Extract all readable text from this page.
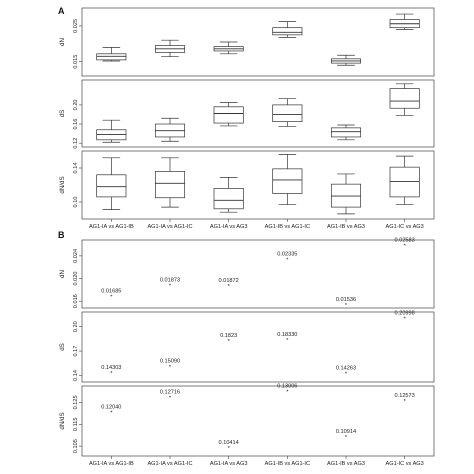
A
B
0.015
0.025
dN
0.12
0.16
0.20
dS
0.10
0.14
dN/dS
AG1-IA vs AG1-IB AG1-IA vs AG1-IC	AG1-IA vs AG3	AG1-IB vs AG1-IC	AG1-IB vs AG3	AG1-IC vs AG3
0.016
0.020
0.024
dN
*
0.01685
*
0.01873
*
0.01872
*
0.02335
*
0.01536
*
0.02583
0.14
0.17
0.20
dS
*
0.14303	*
0.15090
*
0.1823
*
0.18330
*
0.14263
*
0.20998
0.105
0.115
0.125
dN/dS
AG1-IA vs AG1-IB AG1-IA vs AG1-IC	AG1-IA vs AG3	AG1-IB vs AG1-IC	AG1-IB vs AG3	AG1-IC vs AG3
*
0.12040
*
0.12716
*
0.10414
*
0.13006
*
0.10914
*
0.12573
